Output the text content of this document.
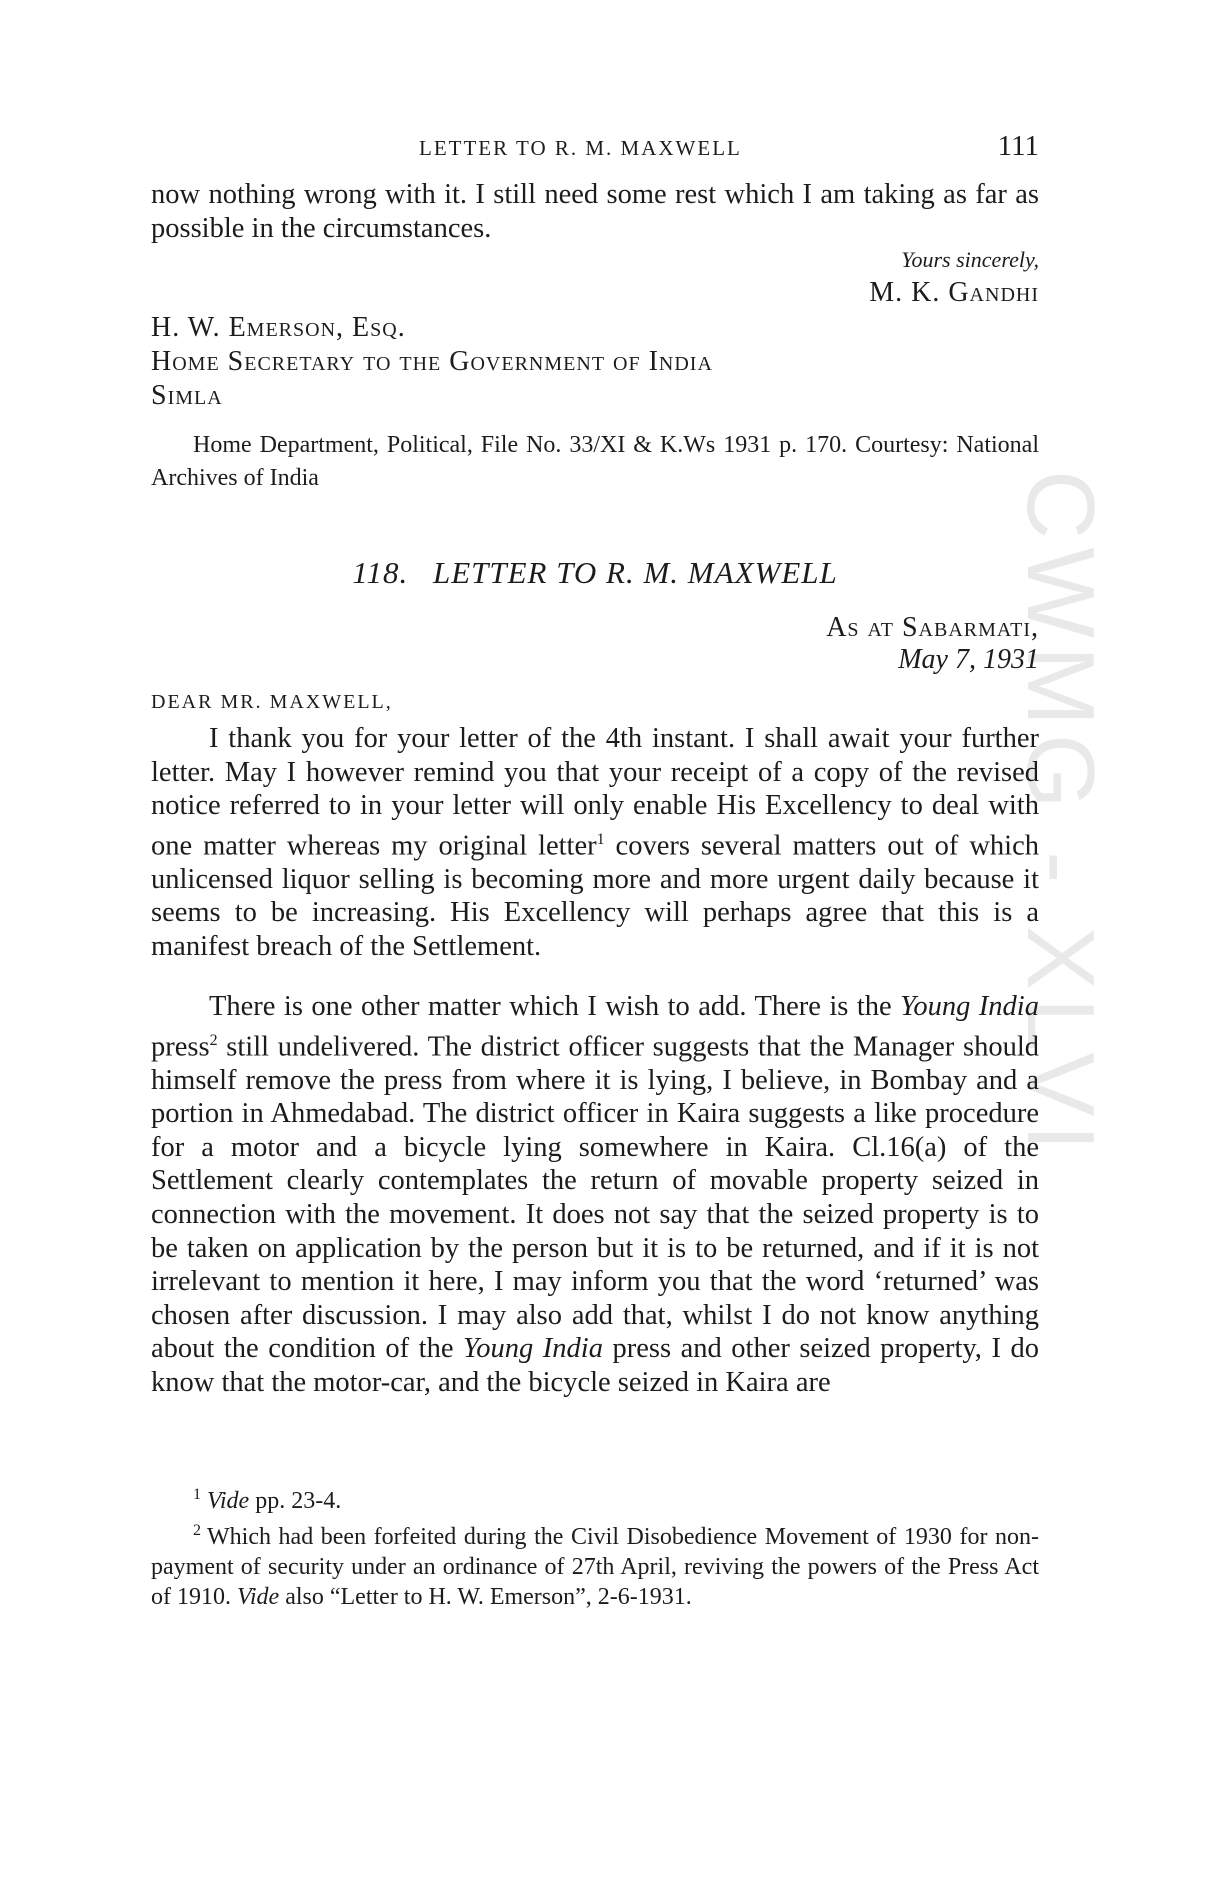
CWMG - XLVI
LETTER TO R. M. MAXWELL	111

now nothing wrong with it. I still need some rest which I am taking as far as possible in the circumstances.

Yours sincerely,
M. K. Gandhi
H. W. Emerson, Esq.
Home Secretary to the Government of India
Simla
Home Department, Political, File No. 33/XI & K.Ws 1931 p. 170. Courtesy: National Archives of India
118. LETTER TO R. M. MAXWELL
As at Sabarmati,
May 7, 1931
DEAR MR. MAXWELL,

I thank you for your letter of the 4th instant. I shall await your further letter. May I however remind you that your receipt of a copy of the revised notice referred to in your letter will only enable His Excellency to deal with one matter whereas my original letter$^1$ covers several matters out of which unlicensed liquor selling is becoming more and more urgent daily because it seems to be increasing. His Excellency will perhaps agree that this is a manifest breach of the Settlement.

There is one other matter which I wish to add. There is the Young India press$^2$ still undelivered. The district officer suggests that the Manager should himself remove the press from where it is lying, I believe, in Bombay and a portion in Ahmedabad. The district officer in Kaira suggests a like procedure for a motor and a bicycle lying somewhere in Kaira. Cl.16(a) of the Settlement clearly contemplates the return of movable property seized in connection with the movement. It does not say that the seized property is to be taken on application by the person but it is to be returned, and if it is not irrelevant to mention it here, I may inform you that the word ‘returned’ was chosen after discussion. I may also add that, whilst I do not know anything about the condition of the Young India press and other seized property, I do know that the motor-car, and the bicycle seized in Kaira are

$^1$ Vide pp. 23-4.

$^2$ Which had been forfeited during the Civil Disobedience Movement of 1930 for non-payment of security under an ordinance of 27th April, reviving the powers of the Press Act of 1910. Vide also “Letter to H. W. Emerson”, 2-6-1931.
